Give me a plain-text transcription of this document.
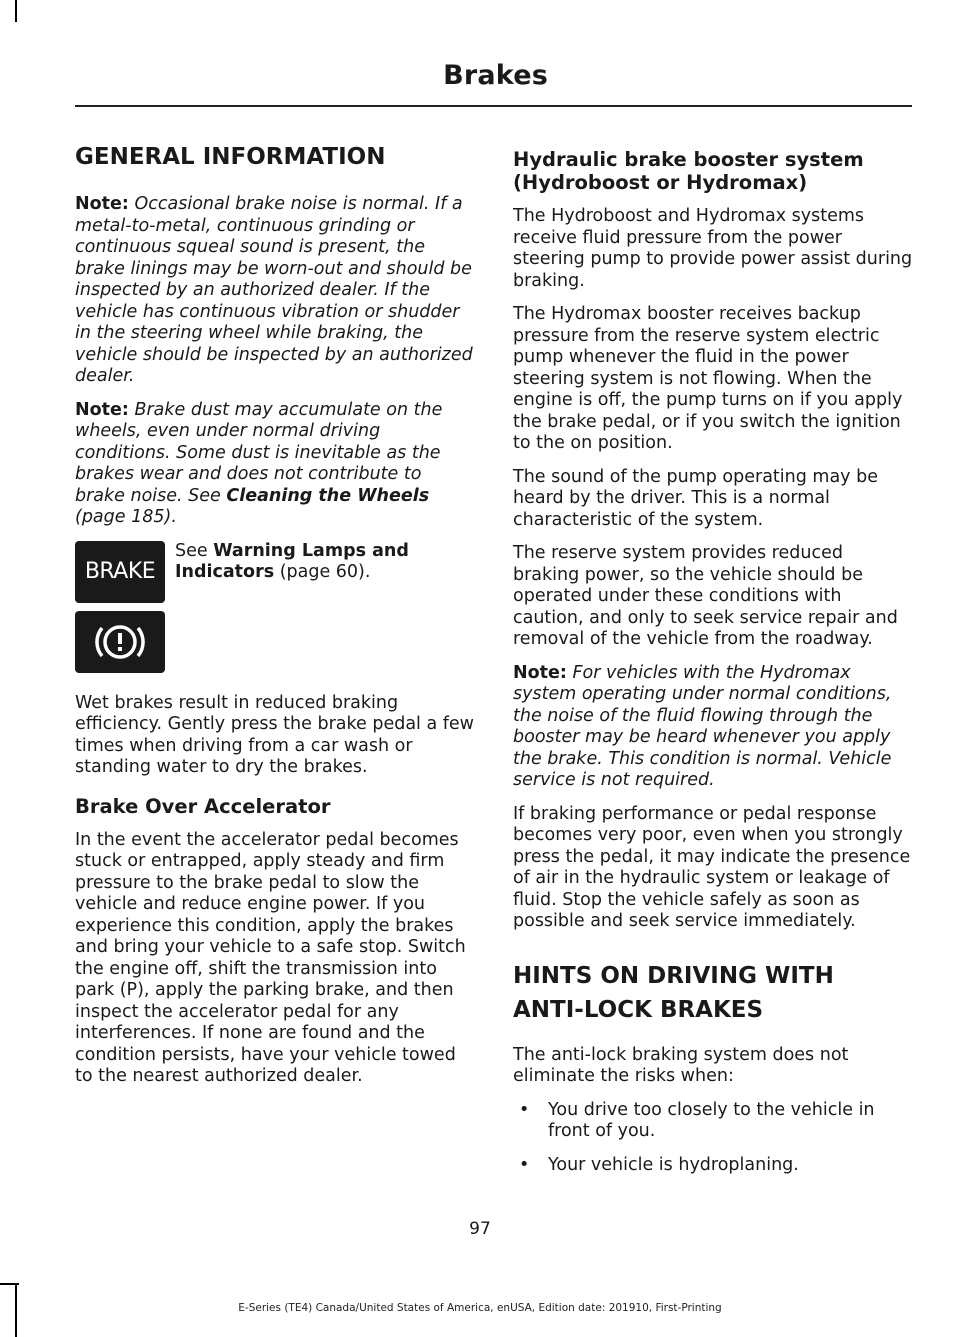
Brakes
GENERAL INFORMATION

Note: Occasional brake noise is normal. If a metal-to-metal, continuous grinding or continuous squeal sound is present, the brake linings may be worn-out and should be inspected by an authorized dealer. If the vehicle has continuous vibration or shudder in the steering wheel while braking, the vehicle should be inspected by an authorized dealer.

Note: Brake dust may accumulate on the wheels, even under normal driving conditions. Some dust is inevitable as the brakes wear and does not contribute to brake noise. See Cleaning the Wheels (page 185).

BRAKE

See Warning Lamps and Indicators (page 60).

Wet brakes result in reduced braking efficiency. Gently press the brake pedal a few times when driving from a car wash or standing water to dry the brakes.

Brake Over Accelerator

In the event the accelerator pedal becomes stuck or entrapped, apply steady and firm pressure to the brake pedal to slow the vehicle and reduce engine power. If you experience this condition, apply the brakes and bring your vehicle to a safe stop. Switch the engine off, shift the transmission into park (P), apply the parking brake, and then inspect the accelerator pedal for any interferences. If none are found and the condition persists, have your vehicle towed to the nearest authorized dealer.

Hydraulic brake booster system (Hydroboost or Hydromax)

The Hydroboost and Hydromax systems receive fluid pressure from the power steering pump to provide power assist during braking.

The Hydromax booster receives backup pressure from the reserve system electric pump whenever the fluid in the power steering system is not flowing. When the engine is off, the pump turns on if you apply the brake pedal, or if you switch the ignition to the on position.

The sound of the pump operating may be heard by the driver. This is a normal characteristic of the system.

The reserve system provides reduced braking power, so the vehicle should be operated under these conditions with caution, and only to seek service repair and removal of the vehicle from the roadway.

Note: For vehicles with the Hydromax system operating under normal conditions, the noise of the fluid flowing through the booster may be heard whenever you apply the brake. This condition is normal. Vehicle service is not required.

If braking performance or pedal response becomes very poor, even when you strongly press the pedal, it may indicate the presence of air in the hydraulic system or leakage of fluid. Stop the vehicle safely as soon as possible and seek service immediately.

HINTS ON DRIVING WITH
ANTI-LOCK BRAKES

The anti-lock braking system does not eliminate the risks when:

• You drive too closely to the vehicle in front of you.
• Your vehicle is hydroplaning.
97
E-Series (TE4) Canada/United States of America, enUSA, Edition date: 201910, First-Printing
